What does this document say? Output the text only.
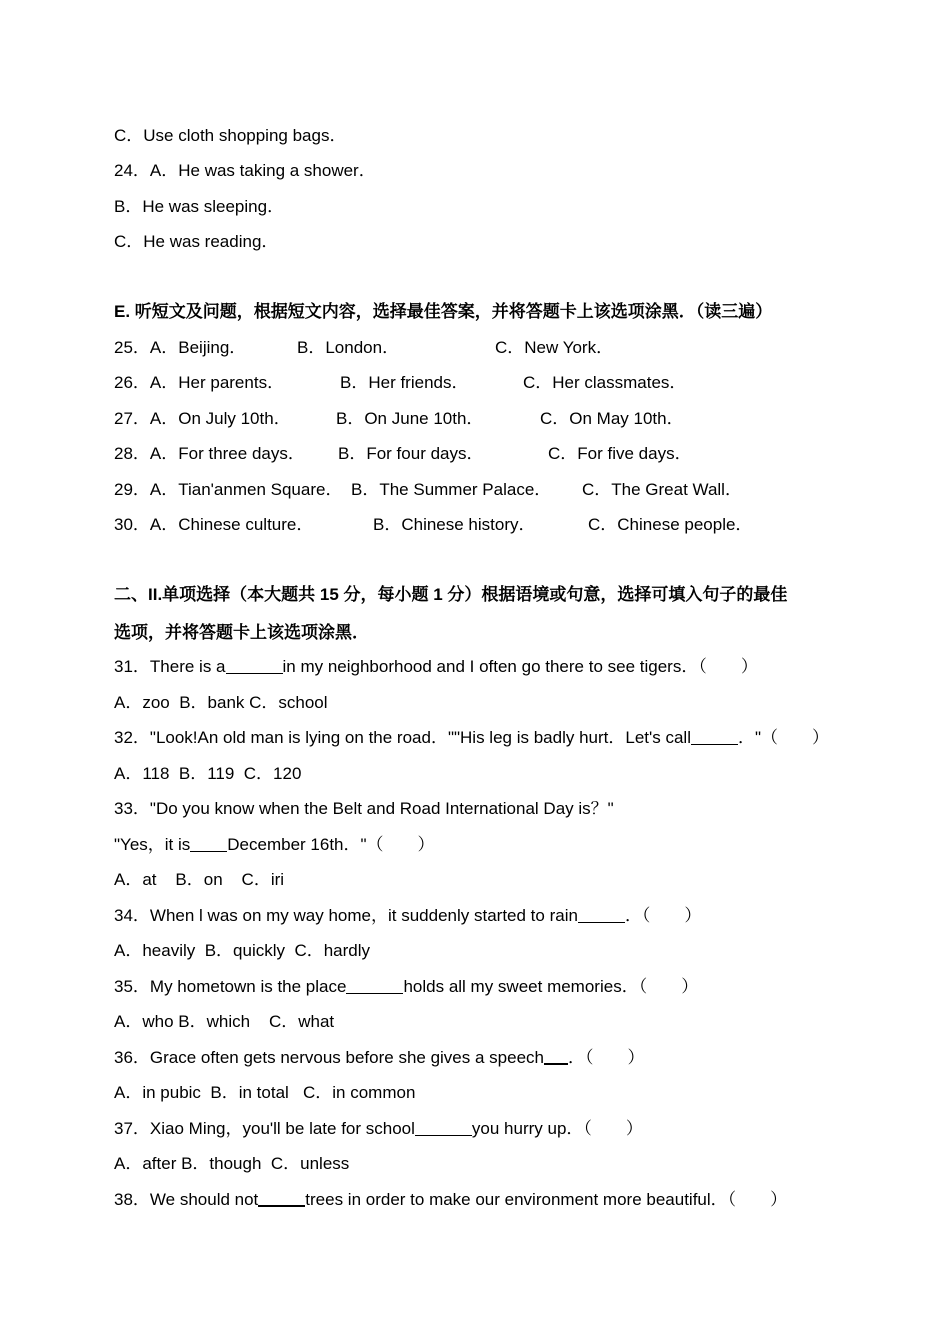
C．Use cloth shopping bags．
24．A．He was taking a shower．
B．He was sleeping．
C．He was reading．
E. 听短文及问题，根据短文内容，选择最佳答案，并将答题卡上该选项涂黑．（读三遍）

25．A．Beijing．

	B．London．

	C．New York．

26．A．Her parents．

	B．Her friends．

	C．Her classmates．

27．A．On July 10th．

	B．On June 10th．

	C．On May 10th．

28．A．For three days．

B．For four days．

	C．For five days．

29．A．Tian'anmen Square．

B．The Summer Palace．

C．The Great Wall．

30．A．Chinese culture．

	B．Chinese history．

	C．Chinese people．

二、II.单项选择（本大题共 15 分，每小题 1 分）根据语境或句意，选择可填入句子的最佳
选项，并将答题卡上该选项涂黑．
31．There is a	in my neighborhood and I often go there to see tigers．（　　）
A．zoo  B．bank C．school
32．"Look!An old man is lying on the road．""His leg is badly hurt．Let's call	．"（　　）
A．118  B．119  C．120
33．"Do you know when the Belt and Road International Day is？"
"Yes，it is December 16th．"（　　）
A．at    B．on    C．iri
34．When l was on my way home，it suddenly started to rain	．（　　）
A．heavily  B．quickly  C．hardly
35．My hometown is the place	holds all my sweet memories．（　　）
A．who B．which    C．what
36．Grace often gets nervous before she gives a speech ．（　　）
A．in pubic  B．in total   C．in common
37．Xiao Ming，you'll be late for school	you hurry up．（　　）
A．after B．though  C．unless
38．We should not	trees in order to make our environment more beautiful．（　　）
